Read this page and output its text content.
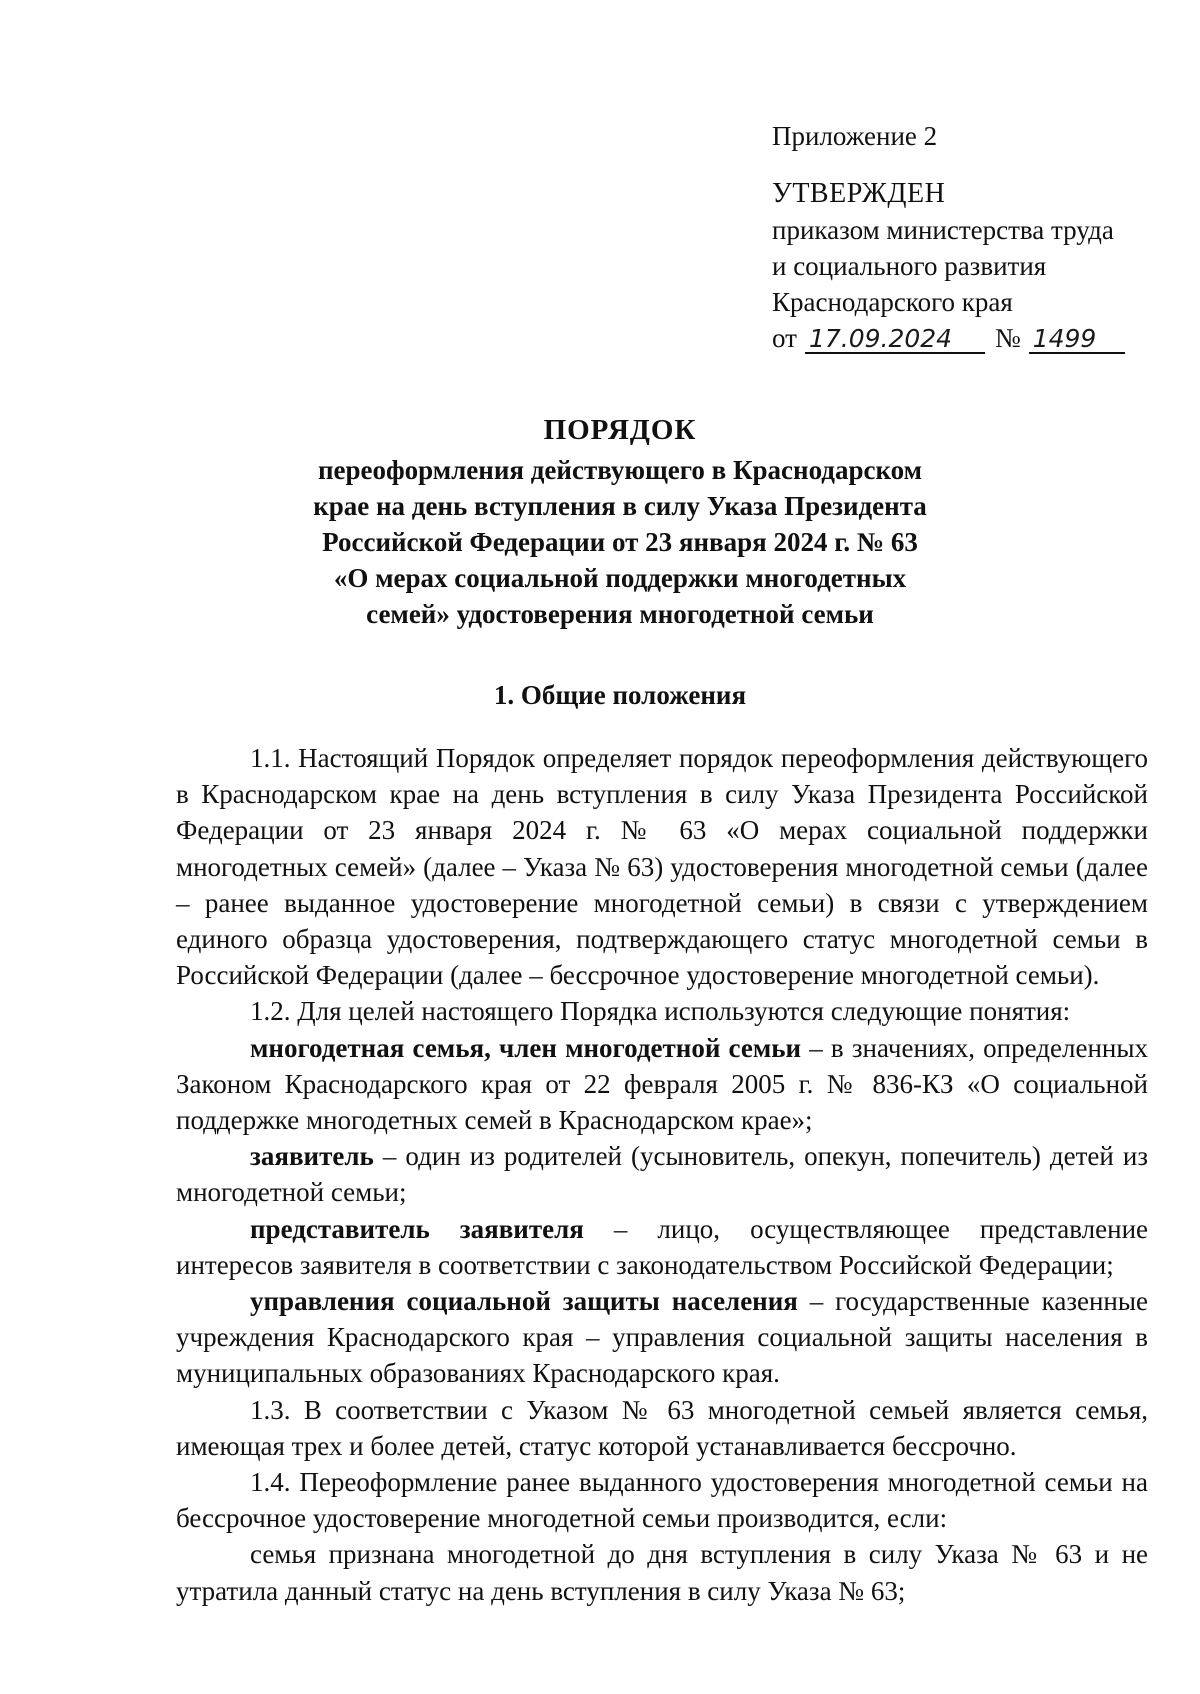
Приложение 2
УТВЕРЖДЕН
приказом министерства труда
и социального развития
Краснодарского края
от 17.09.2024	№ 1499
ПОРЯДОК
переоформления действующего в Краснодарском
крае на день вступления в силу Указа Президента
Российской Федерации от 23 января 2024 г. № 63
«О мерах социальной поддержки многодетных
семей» удостоверения многодетной семьи
1. Общие положения

1.1. Настоящий Порядок определяет порядок переоформления действующего в Краснодарском крае на день вступления в силу Указа Президента Российской Федерации от 23 января 2024 г. № 63 «О мерах социальной поддержки многодетных семей» (далее – Указа № 63) удостоверения многодетной семьи (далее – ранее выданное удостоверение многодетной семьи) в связи с утверждением единого образца удостоверения, подтверждающего статус многодетной семьи в Российской Федерации (далее – бессрочное удостоверение многодетной семьи).

1.2. Для целей настоящего Порядка используются следующие понятия:

многодетная семья, член многодетной семьи – в значениях, определенных Законом Краснодарского края от 22 февраля 2005 г. № 836-КЗ «О социальной поддержке многодетных семей в Краснодарском крае»;

заявитель – один из родителей (усыновитель, опекун, попечитель) детей из многодетной семьи;

представитель заявителя – лицо, осуществляющее представление интересов заявителя в соответствии с законодательством Российской Федерации;

управления социальной защиты населения – государственные казенные учреждения Краснодарского края – управления социальной защиты населения в муниципальных образованиях Краснодарского края.

1.3. В соответствии с Указом № 63 многодетной семьей является семья, имеющая трех и более детей, статус которой устанавливается бессрочно.

1.4. Переоформление ранее выданного удостоверения многодетной семьи на бессрочное удостоверение многодетной семьи производится, если:

семья признана многодетной до дня вступления в силу Указа № 63 и не утратила данный статус на день вступления в силу Указа № 63;
